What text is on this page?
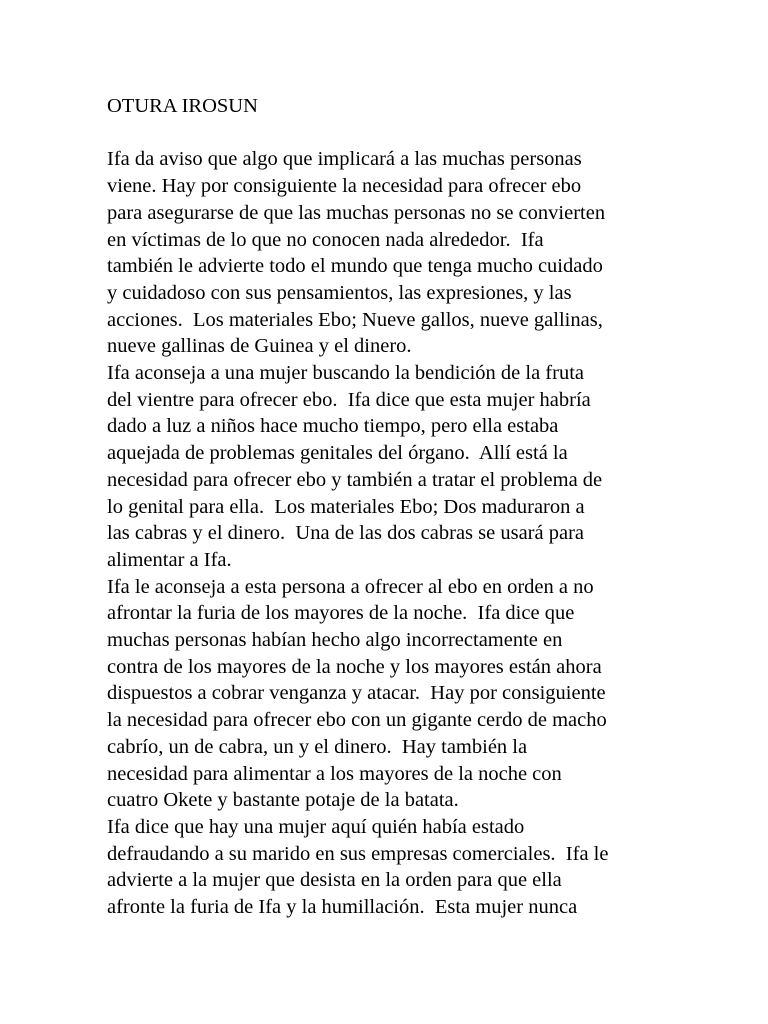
OTURA IROSUN
Ifa da aviso que algo que implicará a las muchas personas
viene. Hay por consiguiente la necesidad para ofrecer ebo
para asegurarse de que las muchas personas no se convierten
en víctimas de lo que no conocen nada alrededor.  Ifa
también le advierte todo el mundo que tenga mucho cuidado
y cuidadoso con sus pensamientos, las expresiones, y las
acciones.  Los materiales Ebo; Nueve gallos, nueve gallinas,
nueve gallinas de Guinea y el dinero.
Ifa aconseja a una mujer buscando la bendición de la fruta
del vientre para ofrecer ebo.  Ifa dice que esta mujer habría
dado a luz a niños hace mucho tiempo, pero ella estaba
aquejada de problemas genitales del órgano.  Allí está la
necesidad para ofrecer ebo y también a tratar el problema de
lo genital para ella.  Los materiales Ebo; Dos maduraron a
las cabras y el dinero.  Una de las dos cabras se usará para
alimentar a Ifa.
Ifa le aconseja a esta persona a ofrecer al ebo en orden a no
afrontar la furia de los mayores de la noche.  Ifa dice que
muchas personas habían hecho algo incorrectamente en
contra de los mayores de la noche y los mayores están ahora
dispuestos a cobrar venganza y atacar.  Hay por consiguiente
la necesidad para ofrecer ebo con un gigante cerdo de macho
cabrío, un de cabra, un y el dinero.  Hay también la
necesidad para alimentar a los mayores de la noche con
cuatro Okete y bastante potaje de la batata.
Ifa dice que hay una mujer aquí quién había estado
defraudando a su marido en sus empresas comerciales.  Ifa le
advierte a la mujer que desista en la orden para que ella
afronte la furia de Ifa y la humillación.  Esta mujer nunca
